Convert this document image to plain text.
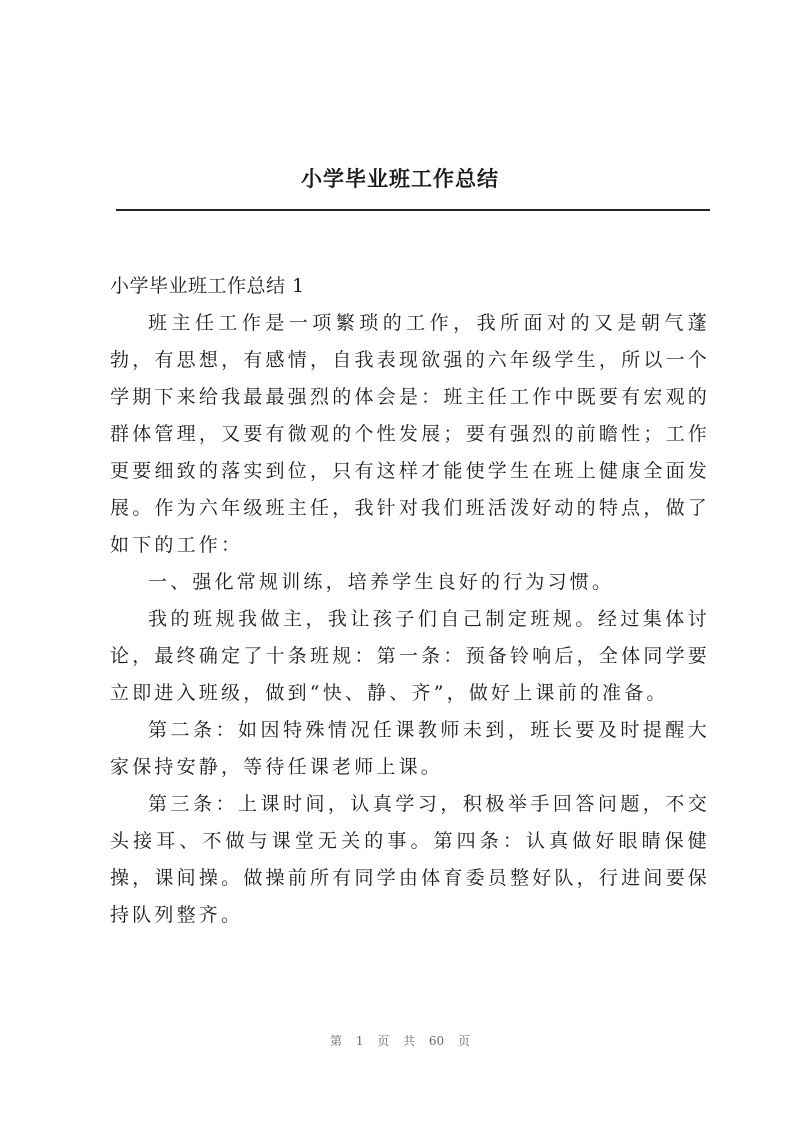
小学毕业班工作总结

小学毕业班工作总结 1

班主任工作是一项繁琐的工作，我所面对的又是朝气蓬勃，有思想，有感情，自我表现欲强的六年级学生，所以一个学期下来给我最最强烈的体会是：班主任工作中既要有宏观的群体管理，又要有微观的个性发展；要有强烈的前瞻性；工作更要细致的落实到位，只有这样才能使学生在班上健康全面发展。作为六年级班主任，我针对我们班活泼好动的特点，做了如下的工作：

一、强化常规训练，培养学生良好的行为习惯。

我的班规我做主，我让孩子们自己制定班规。经过集体讨论，最终确定了十条班规：第一条：预备铃响后，全体同学要立即进入班级，做到“快、静、齐”，做好上课前的准备。

第二条：如因特殊情况任课教师未到，班长要及时提醒大家保持安静，等待任课老师上课。

第三条：上课时间，认真学习，积极举手回答问题，不交头接耳、不做与课堂无关的事。第四条：认真做好眼睛保健操，课间操。做操前所有同学由体育委员整好队，行进间要保持队列整齐。

第 1 页 共 60 页
